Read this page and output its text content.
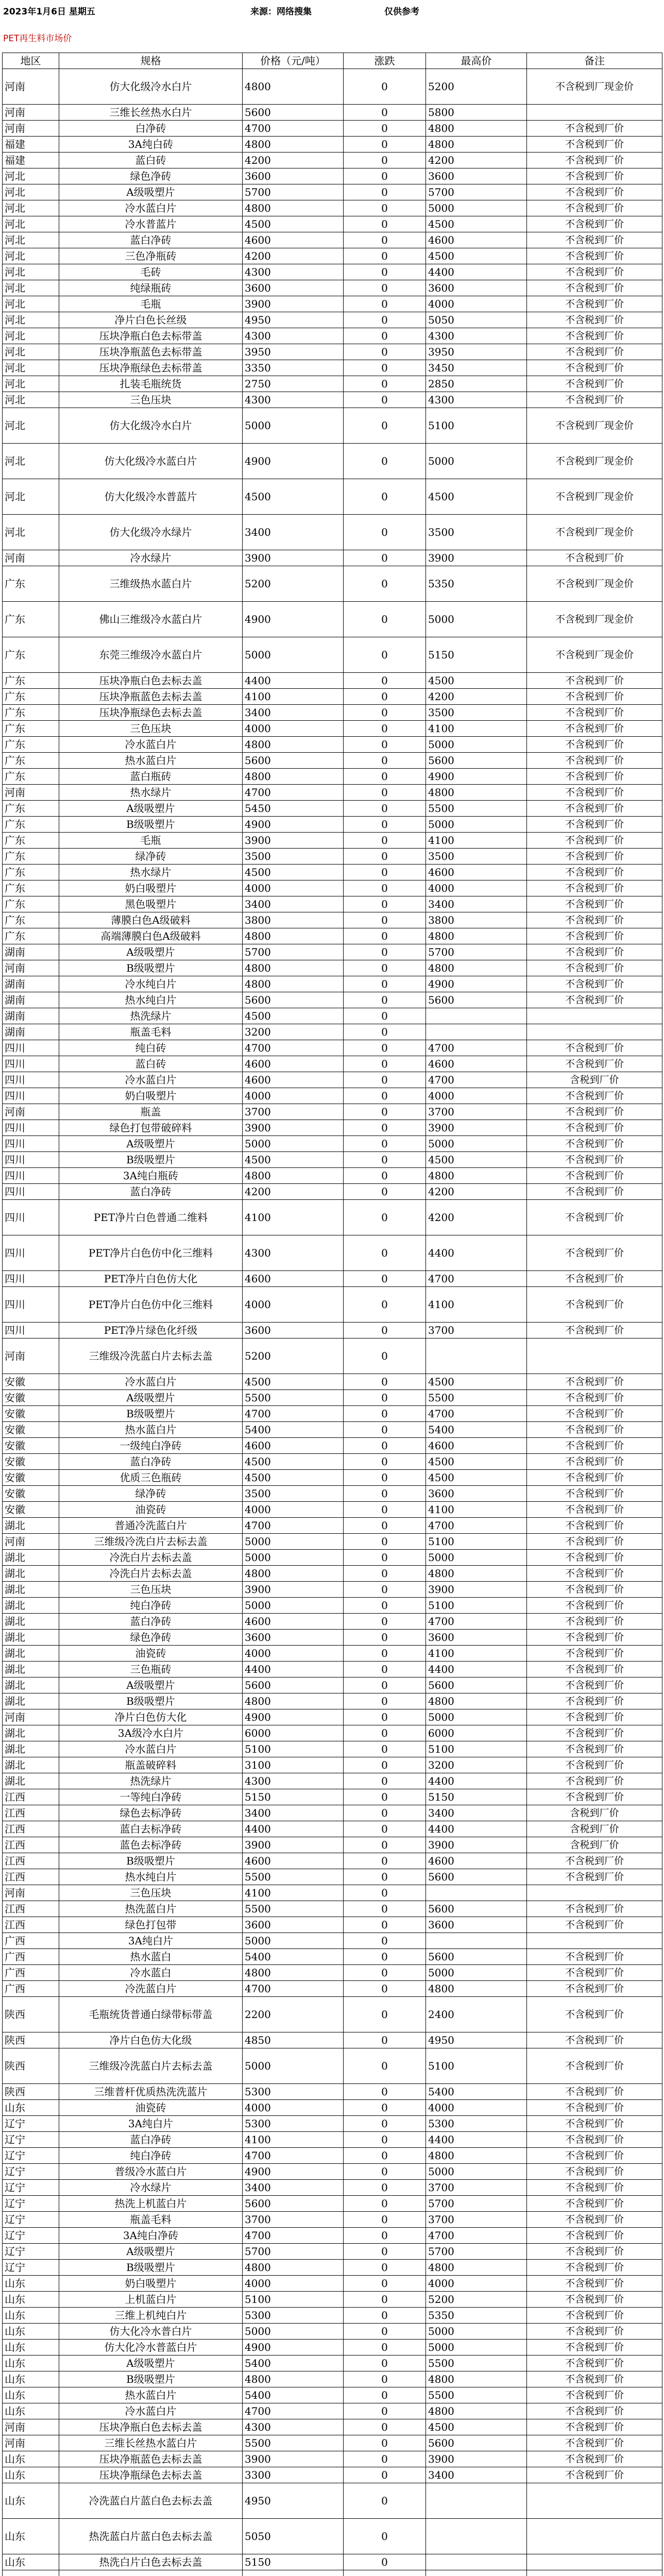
2023年1月6日 星期五	来源：网络搜集	仅供参考
PET再生料市场价
地区	规格	价格（元/吨）	涨跌	最高价	备注
河南	仿大化级冷水白片	4800	0	5200	不含税到厂现金价
河南	三维长丝热水白片	5600	0	5800	
河南	白净砖	4700	0	4800	不含税到厂价
福建	3A纯白砖	4800	0	4800	不含税到厂价
福建	蓝白砖	4200	0	4200	不含税到厂价
河北	绿色净砖	3600	0	3600	不含税到厂价
河北	A级吸塑片	5700	0	5700	不含税到厂价
河北	冷水蓝白片	4800	0	5000	不含税到厂价
河北	冷水普蓝片	4500	0	4500	不含税到厂价
河北	蓝白净砖	4600	0	4600	不含税到厂价
河北	三色净瓶砖	4200	0	4500	不含税到厂价
河北	毛砖	4300	0	4400	不含税到厂价
河北	纯绿瓶砖	3600	0	3600	不含税到厂价
河北	毛瓶	3900	0	4000	不含税到厂价
河北	净片白色长丝级	4950	0	5050	不含税到厂价
河北	压块净瓶白色去标带盖	4300	0	4300	不含税到厂价
河北	压块净瓶蓝色去标带盖	3950	0	3950	不含税到厂价
河北	压块净瓶绿色去标带盖	3350	0	3450	不含税到厂价
河北	扎装毛瓶统货	2750	0	2850	不含税到厂价
河北	三色压块	4300	0	4300	不含税到厂价
河北	仿大化级冷水白片	5000	0	5100	不含税到厂现金价
河北	仿大化级冷水蓝白片	4900	0	5000	不含税到厂现金价
河北	仿大化级冷水普蓝片	4500	0	4500	不含税到厂现金价
河北	仿大化级冷水绿片	3400	0	3500	不含税到厂现金价
河南	冷水绿片	3900	0	3900	不含税到厂价
广东	三维级热水蓝白片	5200	0	5350	不含税到厂现金价
广东	佛山三维级冷水蓝白片	4900	0	5000	不含税到厂现金价
广东	东莞三维级冷水蓝白片	5000	0	5150	不含税到厂现金价
广东	压块净瓶白色去标去盖	4400	0	4500	不含税到厂价
广东	压块净瓶蓝色去标去盖	4100	0	4200	不含税到厂价
广东	压块净瓶绿色去标去盖	3400	0	3500	不含税到厂价
广东	三色压块	4000	0	4100	不含税到厂价
广东	冷水蓝白片	4800	0	5000	不含税到厂价
广东	热水蓝白片	5600	0	5600	不含税到厂价
广东	蓝白瓶砖	4800	0	4900	不含税到厂价
河南	热水绿片	4700	0	4800	不含税到厂价
广东	A级吸塑片	5450	0	5500	不含税到厂价
广东	B级吸塑片	4900	0	5000	不含税到厂价
广东	毛瓶	3900	0	4100	不含税到厂价
广东	绿净砖	3500	0	3500	不含税到厂价
广东	热水绿片	4500	0	4600	不含税到厂价
广东	奶白吸塑片	4000	0	4000	不含税到厂价
广东	黑色吸塑片	3400	0	3400	不含税到厂价
广东	薄膜白色A级破料	3800	0	3800	不含税到厂价
广东	高端薄膜白色A级破料	4800	0	4800	不含税到厂价
湖南	A级吸塑片	5700	0	5700	不含税到厂价
河南	B级吸塑片	4800	0	4800	不含税到厂价
湖南	冷水纯白片	4800	0	4900	不含税到厂价
湖南	热水纯白片	5600	0	5600	不含税到厂价
湖南	热洗绿片	4500	0		
湖南	瓶盖毛料	3200	0		
四川	纯白砖	4700	0	4700	不含税到厂价
四川	蓝白砖	4600	0	4600	不含税到厂价
四川	冷水蓝白片	4600	0	4700	含税到厂价
四川	奶白吸塑片	4000	0	4000	不含税到厂价
河南	瓶盖	3700	0	3700	不含税到厂价
四川	绿色打包带破碎料	3900	0	3900	不含税到厂价
四川	A级吸塑片	5000	0	5000	不含税到厂价
四川	B级吸塑片	4500	0	4500	不含税到厂价
四川	3A纯白瓶砖	4800	0	4800	不含税到厂价
四川	蓝白净砖	4200	0	4200	不含税到厂价
四川	PET净片白色普通二维料	4100	0	4200	不含税到厂价
四川	PET净片白色仿中化三维料	4300	0	4400	不含税到厂价
四川	PET净片白色仿大化	4600	0	4700	不含税到厂价
四川	PET净片白色仿中化三维料	4000	0	4100	不含税到厂价
四川	PET净片绿色化纤级	3600	0	3700	不含税到厂价
河南	三维级冷洗蓝白片去标去盖	5200	0		
安徽	冷水蓝白片	4500	0	4500	不含税到厂价
安徽	A级吸塑片	5500	0	5500	不含税到厂价
安徽	B级吸塑片	4700	0	4700	不含税到厂价
安徽	热水蓝白片	5400	0	5400	不含税到厂价
安徽	一级纯白净砖	4600	0	4600	不含税到厂价
安徽	蓝白净砖	4500	0	4500	不含税到厂价
安徽	优质三色瓶砖	4500	0	4500	不含税到厂价
安徽	绿净砖	3500	0	3600	不含税到厂价
安徽	油瓷砖	4000	0	4100	不含税到厂价
湖北	普通冷洗蓝白片	4700	0	4700	不含税到厂价
河南	三维级冷洗白片去标去盖	5000	0	5100	不含税到厂价
湖北	冷洗白片去标去盖	5000	0	5000	不含税到厂价
湖北	冷洗白片去标去盖	4800	0	4800	不含税到厂价
湖北	三色压块	3900	0	3900	不含税到厂价
湖北	纯白净砖	5000	0	5100	不含税到厂价
湖北	蓝白净砖	4600	0	4700	不含税到厂价
湖北	绿色净砖	3600	0	3600	不含税到厂价
湖北	油瓷砖	4000	0	4100	不含税到厂价
湖北	三色瓶砖	4400	0	4400	不含税到厂价
湖北	A级吸塑片	5600	0	5600	不含税到厂价
湖北	B级吸塑片	4800	0	4800	不含税到厂价
河南	净片白色仿大化	4900	0	5000	不含税到厂价
湖北	3A级冷水白片	6000	0	6000	不含税到厂价
湖北	冷水蓝白片	5100	0	5100	不含税到厂价
湖北	瓶盖破碎料	3100	0	3200	不含税到厂价
湖北	热洗绿片	4300	0	4400	不含税到厂价
江西	一等纯白净砖	5150	0	5150	不含税到厂价
江西	绿色去标净砖	3400	0	3400	含税到厂价
江西	蓝白去标净砖	4400	0	4400	含税到厂价
江西	蓝色去标净砖	3900	0	3900	含税到厂价
江西	B级吸塑片	4600	0	4600	不含税到厂价
江西	热水纯白片	5500	0	5600	不含税到厂价
河南	三色压块	4100	0		
江西	热洗蓝白片	5500	0	5600	不含税到厂价
江西	绿色打包带	3600	0	3600	不含税到厂价
广西	3A纯白片	5000	0		
广西	热水蓝白	5400	0	5600	不含税到厂价
广西	冷水蓝白	4800	0	5000	不含税到厂价
广西	冷洗蓝白片	4700	0	4800	不含税到厂价
陕西	毛瓶统货普通白绿带标带盖	2200	0	2400	不含税到厂价
陕西	净片白色仿大化级	4850	0	4950	不含税到厂价
陕西	三维级冷洗蓝白片去标去盖	5000	0	5100	不含税到厂价
陕西	三维普杆优质热洗洗蓝片	5300	0	5400	不含税到厂价
山东	油瓷砖	4000	0	4000	不含税到厂价
辽宁	3A纯白片	5300	0	5300	不含税到厂价
辽宁	蓝白净砖	4100	0	4400	不含税到厂价
辽宁	纯白净砖	4700	0	4800	不含税到厂价
辽宁	普级冷水蓝白片	4900	0	5000	不含税到厂价
辽宁	冷水绿片	3400	0	3700	不含税到厂价
辽宁	热洗上机蓝白片	5600	0	5700	不含税到厂价
辽宁	瓶盖毛料	3700	0	3700	不含税到厂价
辽宁	3A纯白净砖	4700	0	4700	不含税到厂价
辽宁	A级吸塑片	5700	0	5700	不含税到厂价
辽宁	B级吸塑片	4800	0	4800	不含税到厂价
山东	奶白吸塑片	4000	0	4000	不含税到厂价
山东	上机蓝白片	5100	0	5200	不含税到厂价
山东	三维上机纯白片	5300	0	5350	不含税到厂价
山东	仿大化冷水普白片	5000	0	5000	不含税到厂价
山东	仿大化冷水普蓝白片	4900	0	5000	不含税到厂价
山东	A级吸塑片	5400	0	5500	不含税到厂价
山东	B级吸塑片	4800	0	4800	不含税到厂价
山东	热水蓝白片	5400	0	5500	不含税到厂价
山东	冷水蓝白片	4700	0	4800	不含税到厂价
河南	压块净瓶白色去标去盖	4300	0	4500	不含税到厂价
河南	三维长丝热水蓝白片	5500	0	5600	不含税到厂价
山东	压块净瓶蓝色去标去盖	3900	0	3900	不含税到厂价
山东	压块净瓶绿色去标去盖	3300	0	3400	不含税到厂价
山东	冷洗蓝白片蓝白色去标去盖	4950	0		
山东	热洗蓝白片蓝白色去标去盖	5050	0		
山东	热洗白片白色去标去盖	5150	0		
